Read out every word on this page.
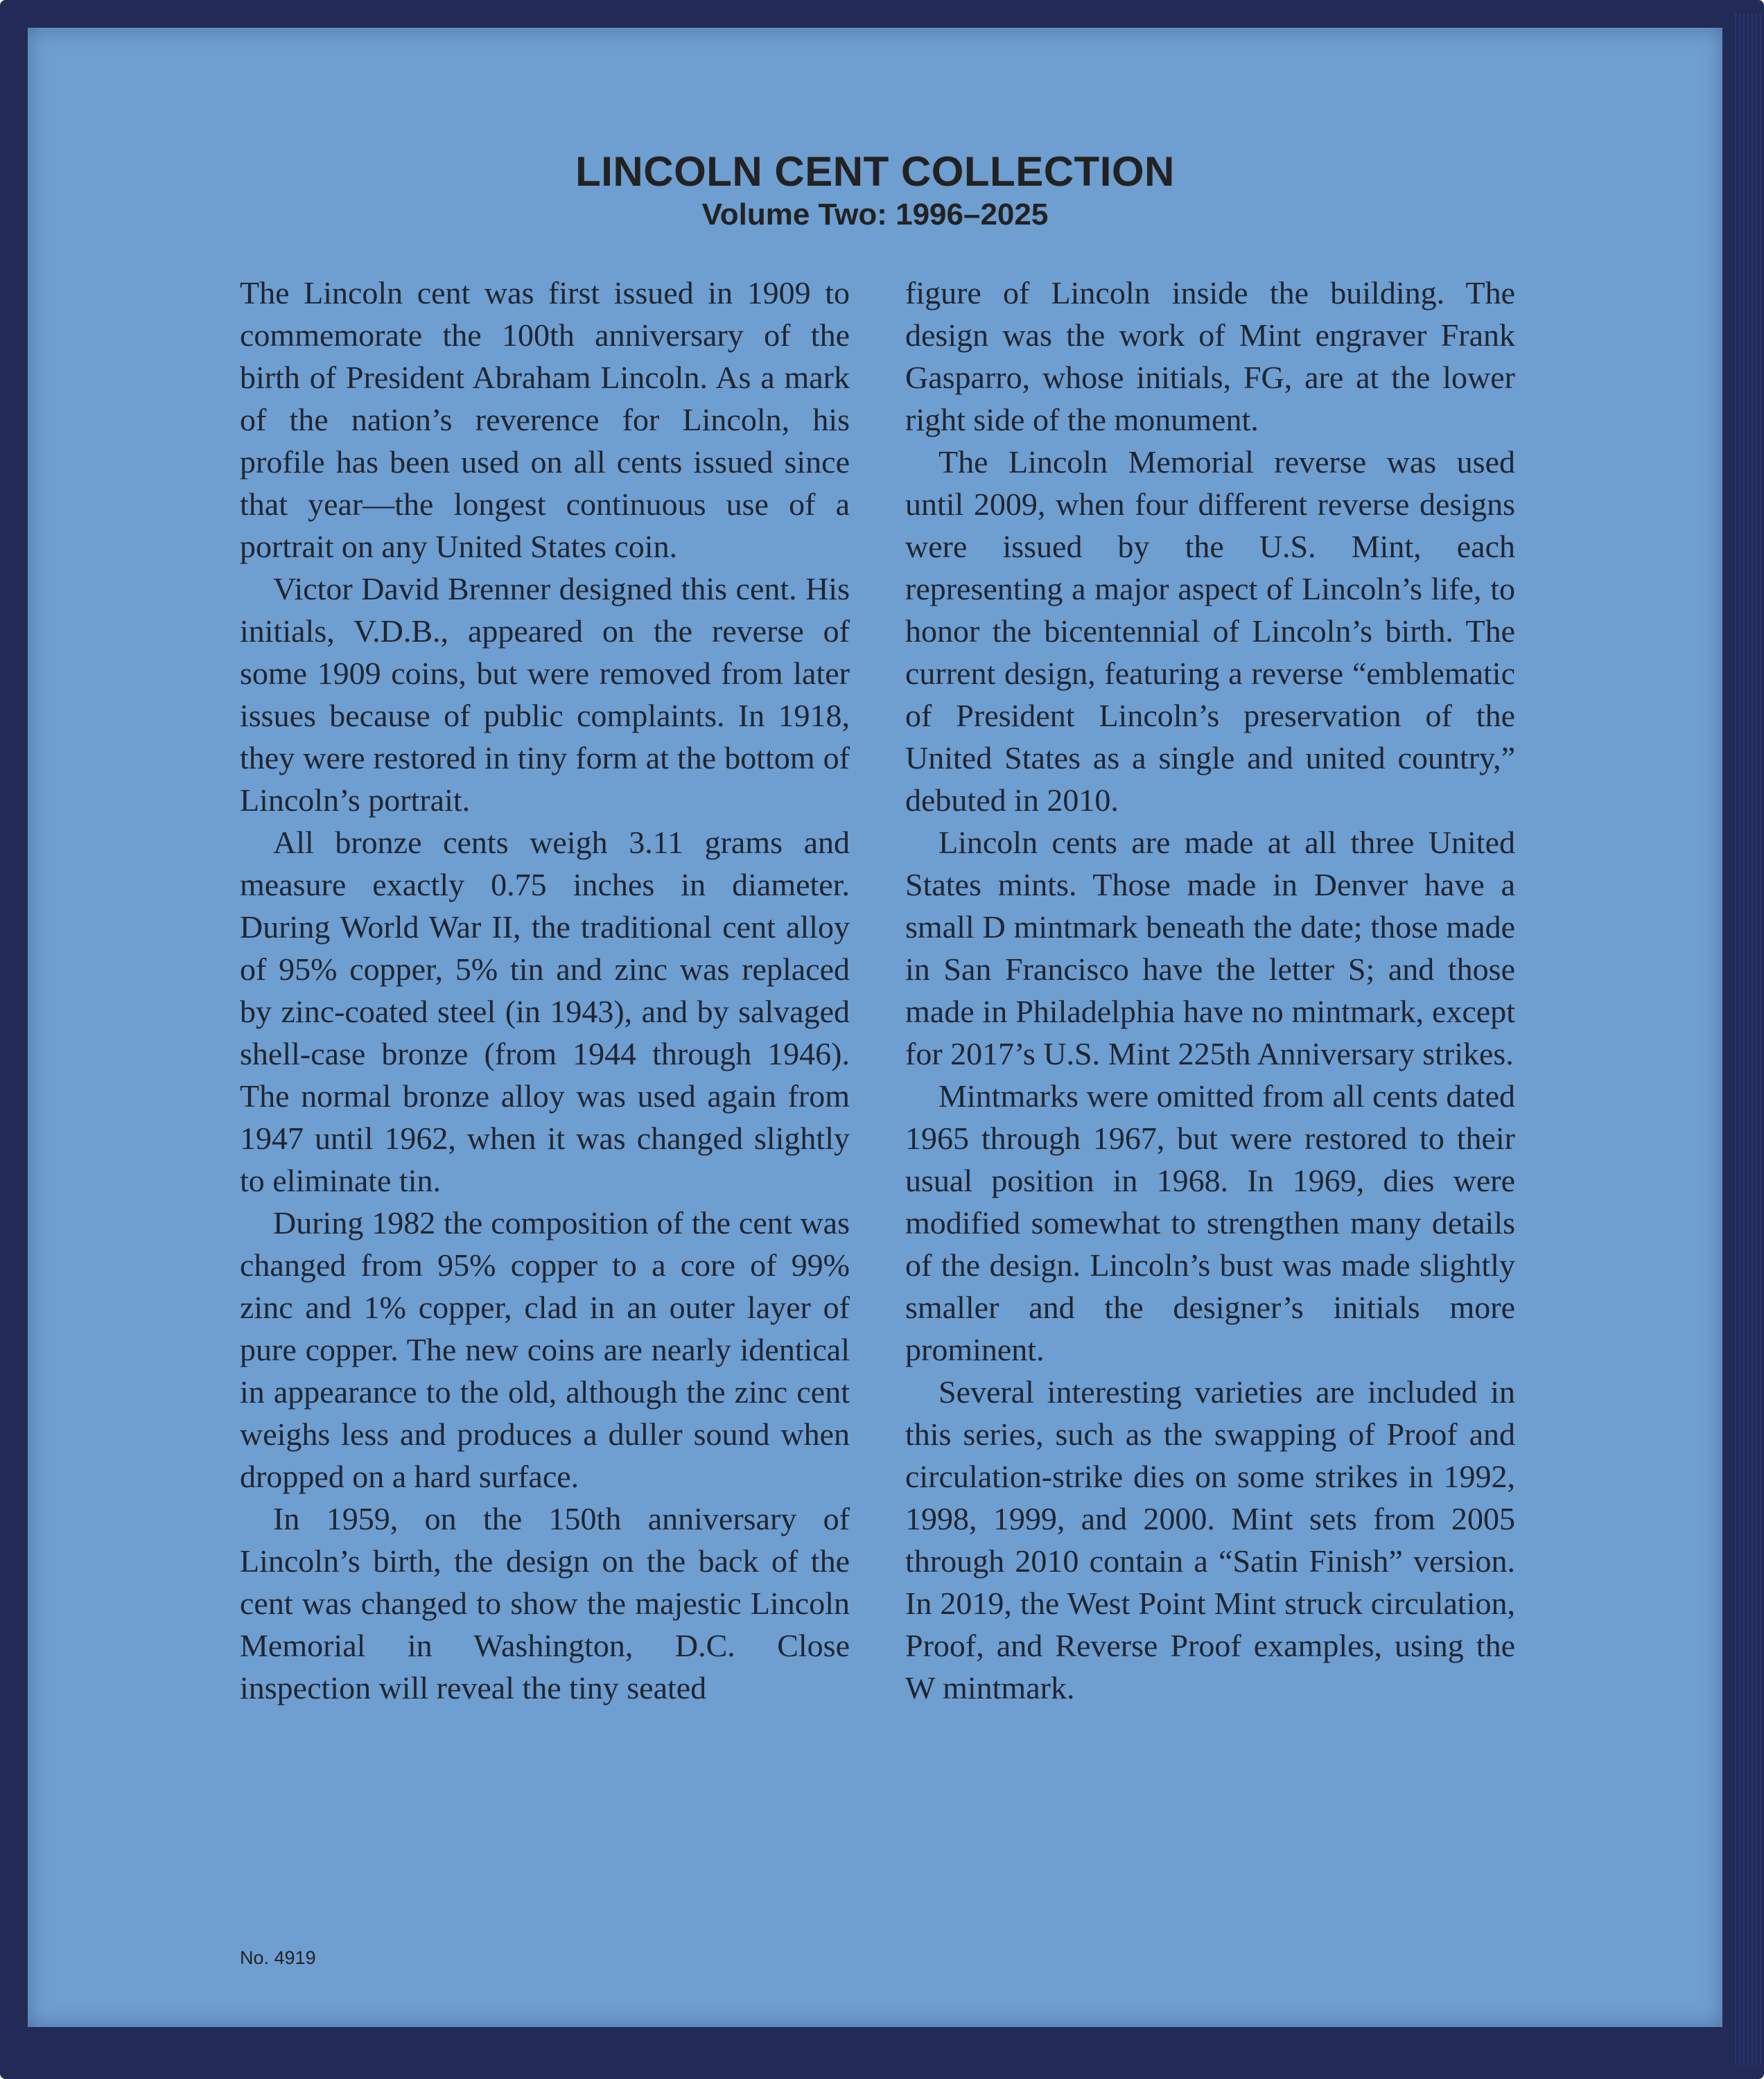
LINCOLN CENT COLLECTION
Volume Two: 1996–2025

The Lincoln cent was first issued in 1909 to commemorate the 100th anniversary of the birth of President Abraham Lincoln. As a mark of the nation’s reverence for Lincoln, his profile has been used on all cents issued since that year—the longest continuous use of a portrait on any United States coin.

Victor David Brenner designed this cent. His initials, V.D.B., appeared on the reverse of some 1909 coins, but were removed from later issues because of public complaints. In 1918, they were restored in tiny form at the bottom of Lincoln’s portrait.

All bronze cents weigh 3.11 grams and measure exactly 0.75 inches in diameter. During World War II, the traditional cent alloy of 95% copper, 5% tin and zinc was replaced by zinc-coated steel (in 1943), and by salvaged shell-case bronze (from 1944 through 1946). The normal bronze alloy was used again from 1947 until 1962, when it was changed slightly to eliminate tin.

During 1982 the composition of the cent was changed from 95% copper to a core of 99% zinc and 1% copper, clad in an outer layer of pure copper. The new coins are nearly identical in appearance to the old, although the zinc cent weighs less and produces a duller sound when dropped on a hard surface.

In 1959, on the 150th anniversary of Lincoln’s birth, the design on the back of the cent was changed to show the majestic Lincoln Memorial in Washington, D.C. Close inspection will reveal the tiny seated

figure of Lincoln inside the building. The design was the work of Mint engraver Frank Gasparro, whose initials, FG, are at the lower right side of the monument.

The Lincoln Memorial reverse was used until 2009, when four different reverse designs were issued by the U.S. Mint, each representing a major aspect of Lincoln’s life, to honor the bicentennial of Lincoln’s birth. The current design, featuring a reverse “emblematic of President Lincoln’s preservation of the United States as a single and united country,” debuted in 2010.

Lincoln cents are made at all three United States mints. Those made in Denver have a small D mintmark beneath the date; those made in San Francisco have the letter S; and those made in Philadelphia have no mintmark, except for 2017’s U.S. Mint 225th Anniversary strikes.

Mintmarks were omitted from all cents dated 1965 through 1967, but were restored to their usual position in 1968. In 1969, dies were modified somewhat to strengthen many details of the design. Lincoln’s bust was made slightly smaller and the designer’s initials more prominent.

Several interesting varieties are included in this series, such as the swapping of Proof and circulation-strike dies on some strikes in 1992, 1998, 1999, and 2000. Mint sets from 2005 through 2010 contain a “Satin Finish” version. In 2019, the West Point Mint struck circulation, Proof, and Reverse Proof examples, using the W mintmark.

No. 4919
